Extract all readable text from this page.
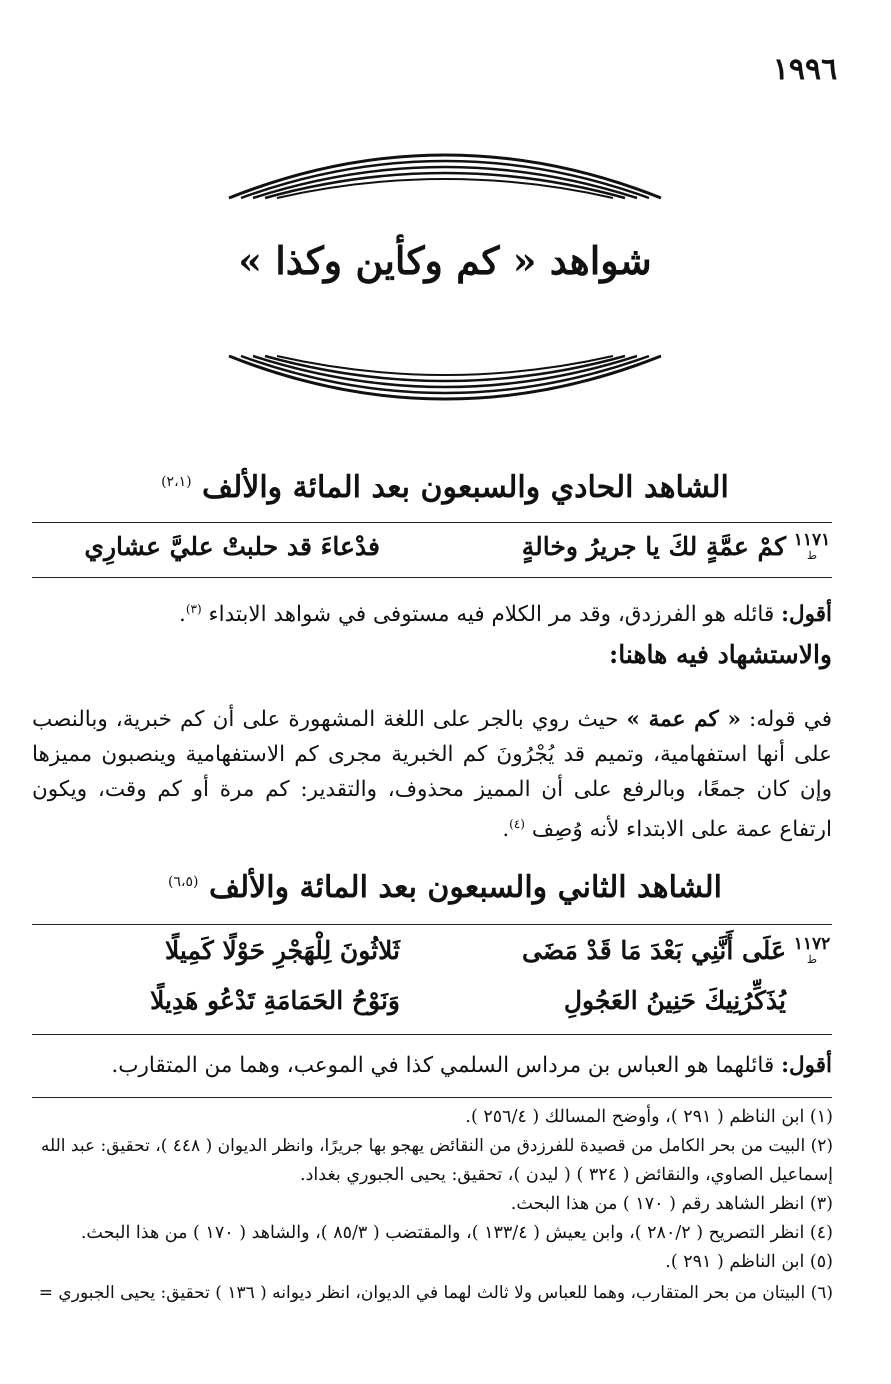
١٩٩٦
شواهد « كم وكأين وكذا »
الشاهد الحادي والسبعون بعد المائة والألف $^{(٢،١)}$
١١٧١
ط
كمْ عمَّةٍ لكَ يا جريرُ وخالةٍ
فدْعاءَ قد حلبتْ عليَّ عشارِي
أقول: قائله هو الفرزدق، وقد مر الكلام فيه مستوفى في شواهد الابتداء $^{(٣)}$.
والاستشهاد فيه هاهنا:
في قوله: « كم عمة » حيث روي بالجر على اللغة المشهورة على أن كم خبرية، وبالنصب على أنها استفهامية، وتميم قد يُجْرُونَ كم الخبرية مجرى كم الاستفهامية وينصبون مميزها وإن كان جمعًا، وبالرفع على أن المميز محذوف، والتقدير: كم مرة أو كم وقت، ويكون ارتفاع عمة على الابتداء لأنه وُصِف $^{(٤)}$.
الشاهد الثاني والسبعون بعد المائة والألف $^{(٦،٥)}$
١١٧٢
ط
عَلَى أَنَّنِي بَعْدَ مَا قَدْ مَضَى
ثَلاثُونَ لِلْهَجْرِ حَوْلًا كَمِيلًا
يُذَكِّرُنِيكَ حَنِينُ العَجُولِ
وَنَوْحُ الحَمَامَةِ تَدْعُو هَدِيلًا
أقول: قائلهما هو العباس بن مرداس السلمي كذا في الموعب، وهما من المتقارب.
(١) ابن الناظم ( ٢٩١ )، وأوضح المسالك ( ٢٥٦/٤ ).
(٢) البيت من بحر الكامل من قصيدة للفرزدق من النقائض يهجو بها جريرًا، وانظر الديوان ( ٤٤٨ )، تحقيق: عبد الله
إسماعيل الصاوي، والنقائض ( ٣٢٤ ) ( ليدن )، تحقيق: يحيى الجبوري بغداد.
(٣) انظر الشاهد رقم ( ١٧٠ ) من هذا البحث.
(٤) انظر التصريح ( ٢٨٠/٢ )، وابن يعيش ( ١٣٣/٤ )، والمقتضب ( ٨٥/٣ )، والشاهد ( ١٧٠ ) من هذا البحث.
(٥) ابن الناظم ( ٢٩١ ).
(٦) البيتان من بحر المتقارب، وهما للعباس ولا ثالث لهما في الديوان، انظر ديوانه ( ١٣٦ ) تحقيق: يحيى الجبوري =
